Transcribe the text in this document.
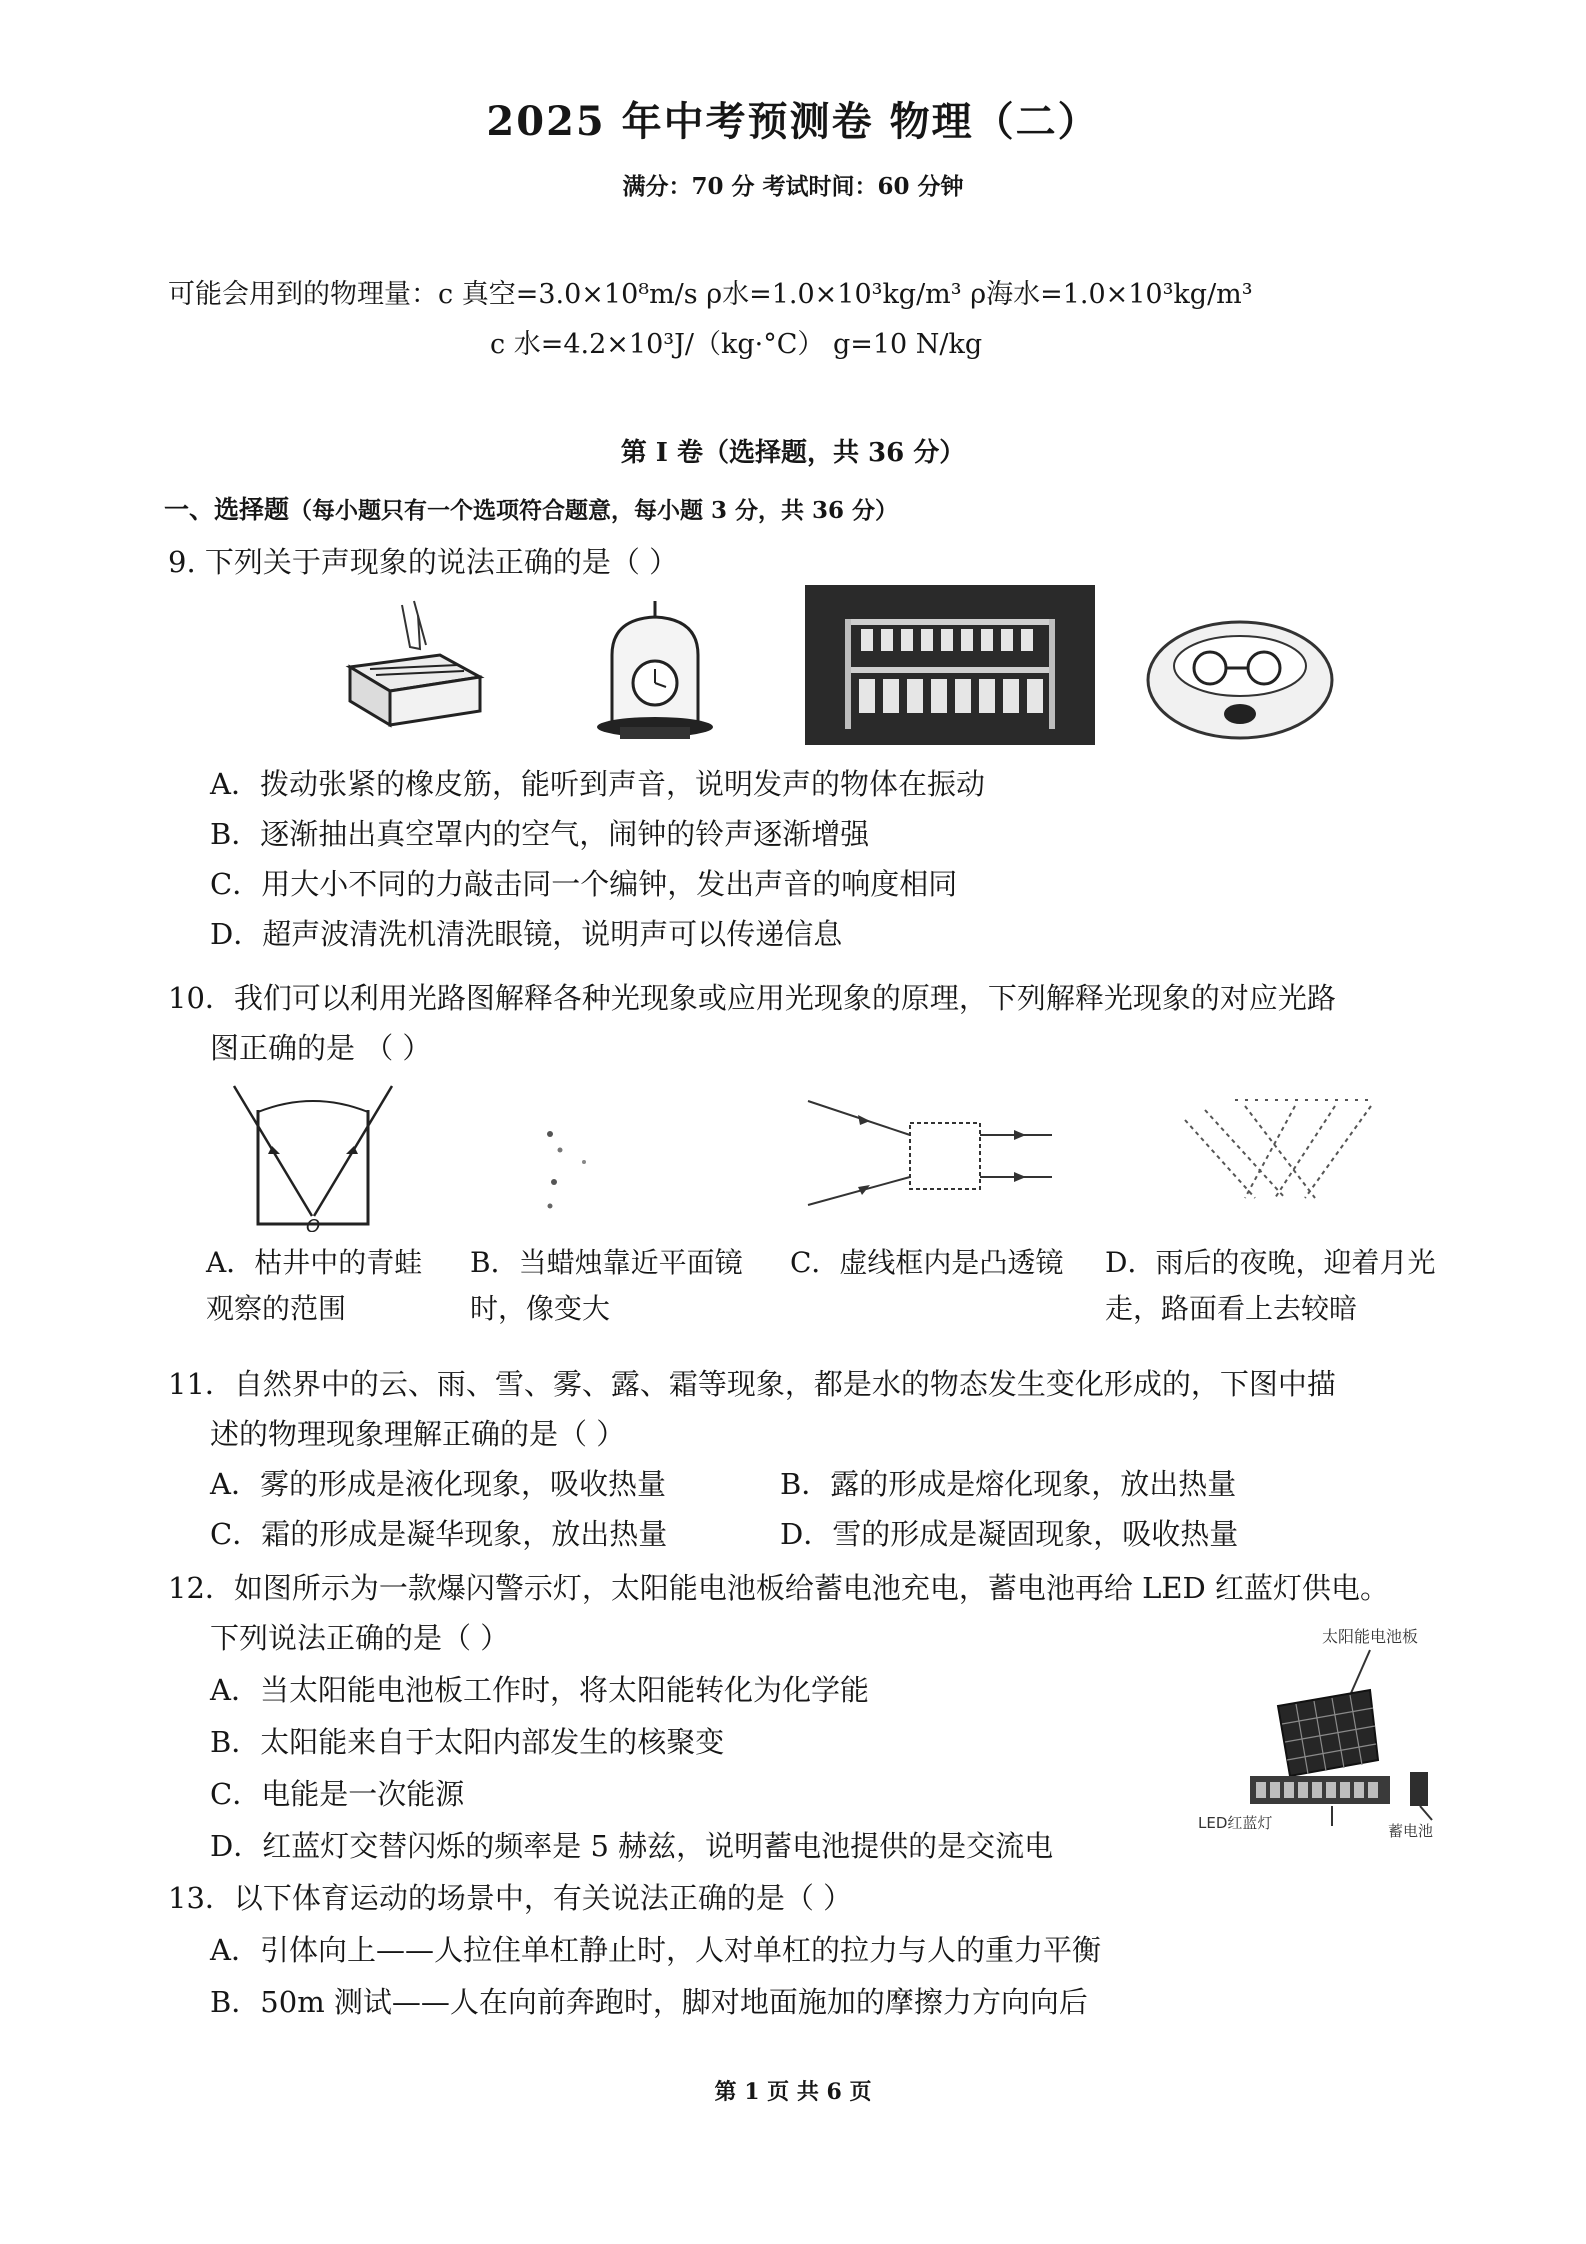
2025 年中考预测卷 物理（二）
满分：70 分 考试时间：60 分钟
可能会用到的物理量：c 真空=3.0×10⁸m/s ρ水=1.0×10³kg/m³ ρ海水=1.0×10³kg/m³
c 水=4.2×10³J/（kg·°C） g=10 N/kg
第 I 卷（选择题，共 36 分）
一、选择题（每小题只有一个选项符合题意，每小题 3 分，共 36 分）
9. 下列关于声现象的说法正确的是（ ）
A．拨动张紧的橡皮筋，能听到声音，说明发声的物体在振动
B．逐渐抽出真空罩内的空气，闹钟的铃声逐渐增强
C．用大小不同的力敲击同一个编钟，发出声音的响度相同
D．超声波清洗机清洗眼镜，说明声可以传递信息
10．我们可以利用光路图解释各种光现象或应用光现象的原理，下列解释光现象的对应光路
图正确的是 （ ）
O
A．枯井中的青蛙观察的范围
B．当蜡烛靠近平面镜时，像变大
C．虚线框内是凸透镜	D．雨后的夜晚，迎着月光走，路面看上去较暗
11．自然界中的云、雨、雪、雾、露、霜等现象，都是水的物态发生变化形成的，下图中描
述的物理现象理解正确的是（ ）
A．雾的形成是液化现象，吸收热量	B．露的形成是熔化现象，放出热量
C．霜的形成是凝华现象，放出热量	D．雪的形成是凝固现象，吸收热量
12．如图所示为一款爆闪警示灯，太阳能电池板给蓄电池充电，蓄电池再给 LED 红蓝灯供电。
下列说法正确的是（ ）
A．当太阳能电池板工作时，将太阳能转化为化学能
B．太阳能来自于太阳内部发生的核聚变
C．电能是一次能源
D．红蓝灯交替闪烁的频率是 5 赫兹，说明蓄电池提供的是交流电
太阳能电池板
LED红蓝灯	蓄电池
13．以下体育运动的场景中，有关说法正确的是（ ）
A．引体向上——人拉住单杠静止时，人对单杠的拉力与人的重力平衡
B．50m 测试——人在向前奔跑时，脚对地面施加的摩擦力方向向后
第 1 页 共 6 页
